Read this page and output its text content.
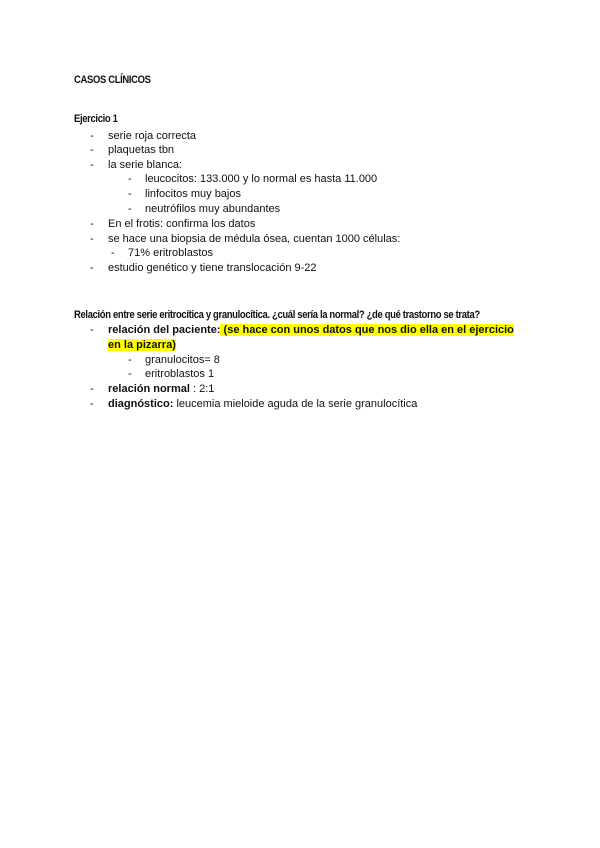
CASOS CLÍNICOS
Ejercicio 1
- serie roja correcta
- plaquetas tbn
- la serie blanca:
- leucocitos: 133.000 y lo normal es hasta 11.000
- linfocitos muy bajos
- neutrófilos muy abundantes
- En el frotis: confirma los datos
- se hace una biopsia de médula ósea, cuentan 1000 células:
- 71% eritroblastos
- estudio genético y tiene translocación 9-22
Relación entre serie eritrocítica y granulocítica. ¿cuál sería la normal? ¿de qué trastorno se trata?
- relación del paciente: (se hace con unos datos que nos dio ella en el ejercicio
en la pizarra)
- granulocitos= 8
- eritroblastos 1
- relación normal : 2:1
- diagnóstico: leucemia mieloide aguda de la serie granulocítica
